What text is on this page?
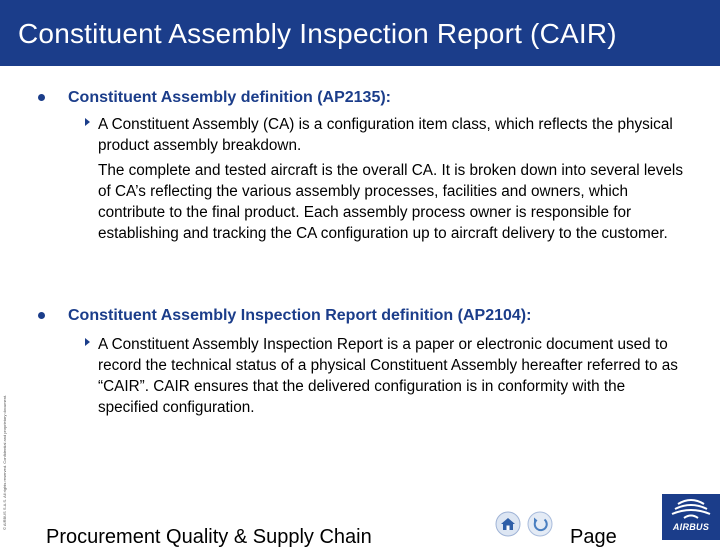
Constituent Assembly Inspection Report (CAIR)
© AIRBUS S.A.S. All rights reserved. Confidential and proprietary document.
Constituent Assembly definition (AP2135):
A Constituent Assembly (CA) is a configuration item class, which reflects the physical product assembly breakdown.
The complete and tested aircraft is the overall CA. It is broken down into several levels of CA’s reflecting the various assembly processes, facilities and owners, which contribute to the final product. Each assembly process owner is responsible for establishing and tracking the CA configuration up to aircraft delivery to the customer.
Constituent Assembly Inspection Report definition (AP2104):
A Constituent Assembly Inspection Report is a paper or electronic document used to record the technical status of a physical Constituent Assembly hereafter referred to as “CAIR”. CAIR ensures that the delivered configuration is in conformity with the specified configuration.
Procurement Quality & Supply Chain	Page	AIRBUS
